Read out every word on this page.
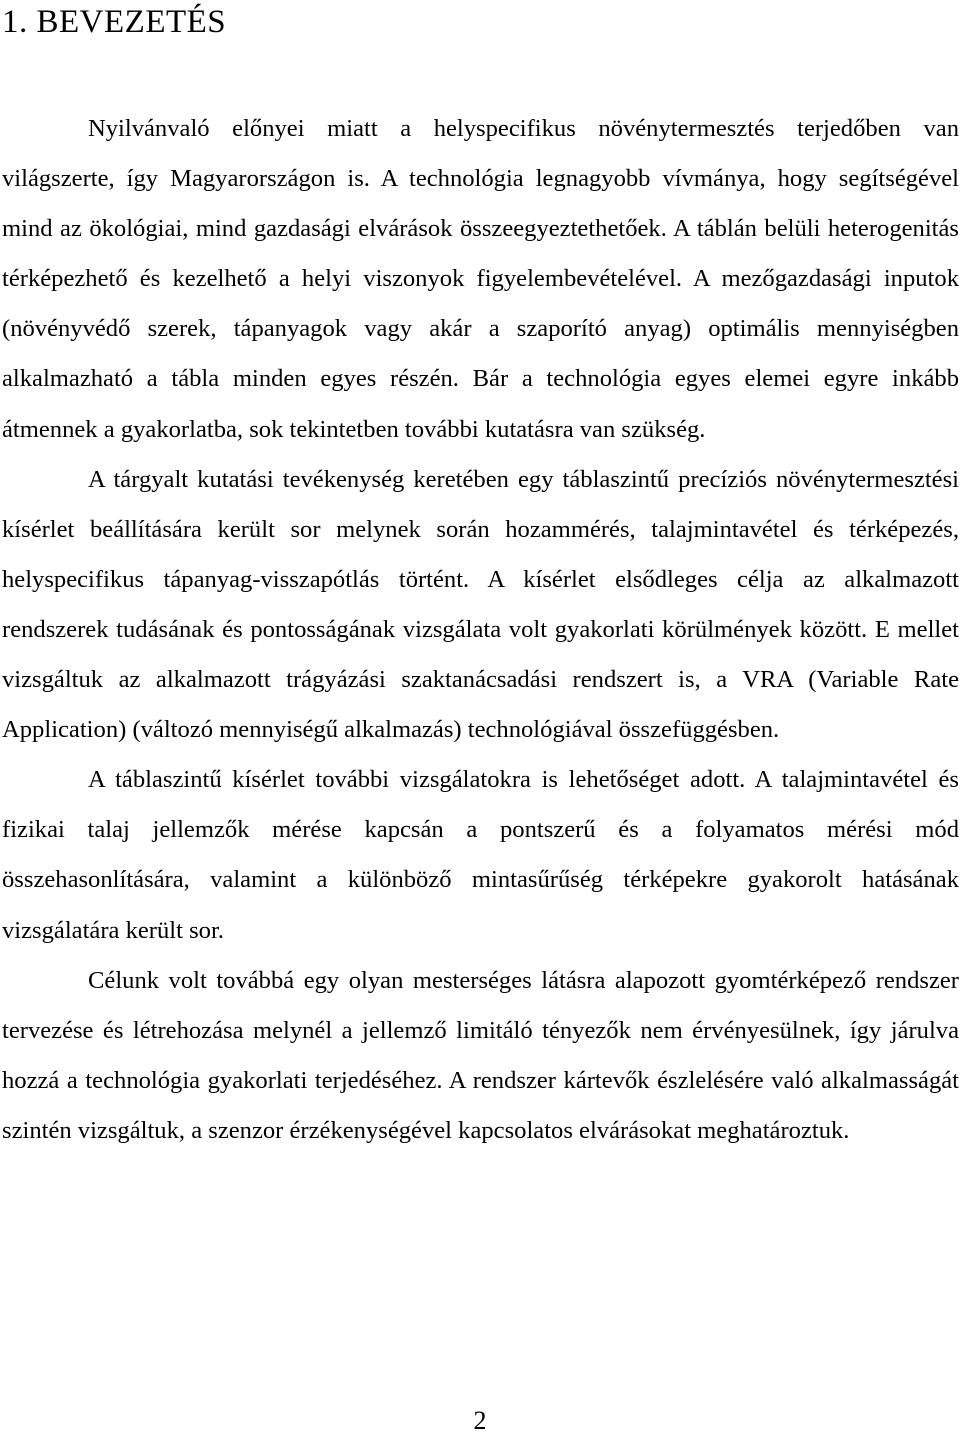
1. BEVEZETÉS

Nyilvánvaló előnyei miatt a helyspecifikus növénytermesztés terjedőben van világszerte, így Magyarországon is. A technológia legnagyobb vívmánya, hogy segítségével mind az ökológiai, mind gazdasági elvárások összeegyeztethetőek. A táblán belüli heterogenitás térképezhető és kezelhető a helyi viszonyok figyelembevételével. A mezőgazdasági inputok (növényvédő szerek, tápanyagok vagy akár a szaporító anyag) optimális mennyiségben alkalmazható a tábla minden egyes részén. Bár a technológia egyes elemei egyre inkább átmennek a gyakorlatba, sok tekintetben további kutatásra van szükség.

A tárgyalt kutatási tevékenység keretében egy táblaszintű precíziós növénytermesztési kísérlet beállítására került sor melynek során hozammérés, talajmintavétel és térképezés, helyspecifikus tápanyag-visszapótlás történt. A kísérlet elsődleges célja az alkalmazott rendszerek tudásának és pontosságának vizsgálata volt gyakorlati körülmények között. E mellet vizsgáltuk az alkalmazott trágyázási szaktanácsadási rendszert is, a VRA (Variable Rate Application) (változó mennyiségű alkalmazás) technológiával összefüggésben.

A táblaszintű kísérlet további vizsgálatokra is lehetőséget adott. A talajmintavétel és fizikai talaj jellemzők mérése kapcsán a pontszerű és a folyamatos mérési mód összehasonlítására, valamint a különböző mintasűrűség térképekre gyakorolt hatásának vizsgálatára került sor.

Célunk volt továbbá egy olyan mesterséges látásra alapozott gyomtérképező rendszer tervezése és létrehozása melynél a jellemző limitáló tényezők nem érvényesülnek, így járulva hozzá a technológia gyakorlati terjedéséhez. A rendszer kártevők észlelésére való alkalmasságát szintén vizsgáltuk, a szenzor érzékenységével kapcsolatos elvárásokat meghatároztuk.

2
